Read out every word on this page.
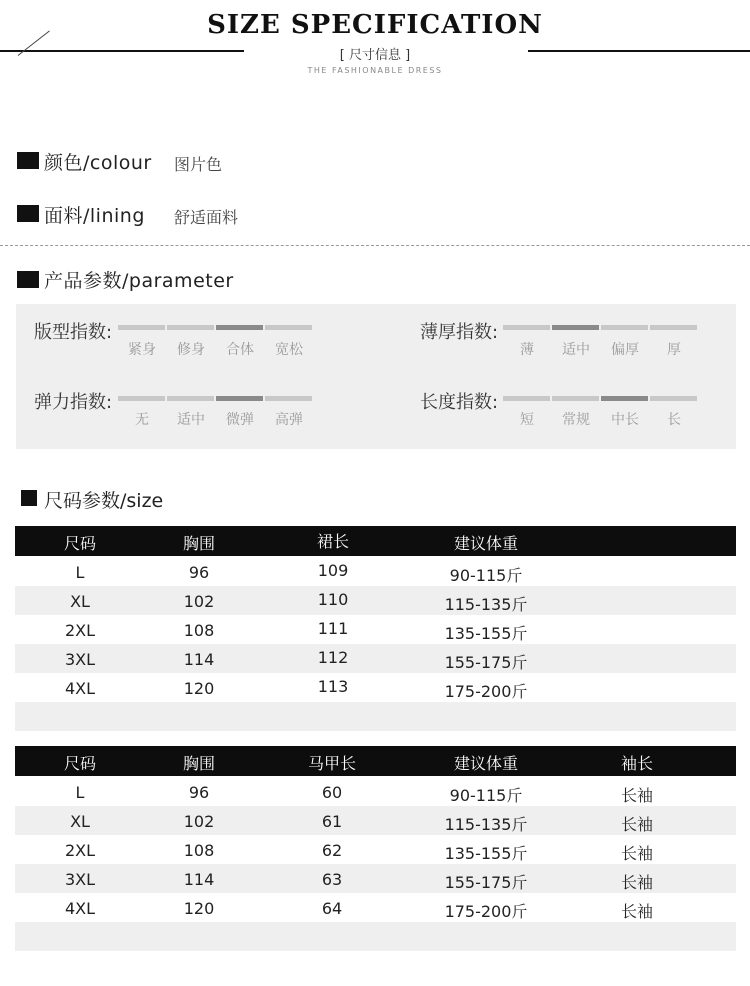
SIZE SPECIFICATION
[ 尺寸信息 ]
THE FASHIONABLE DRESS
颜色/colour 图片色
面料/lining 舒适面料
产品参数/parameter
版型指数:
紧身	修身	合体	宽松
薄厚指数:
薄	适中	偏厚	厚
弹力指数:
无	适中	微弹	高弹
长度指数:
短	常规	中长	长
尺码参数/size
尺码	胸围	裙长	建议体重
L	96	109	90-115斤
XL	102	110	115-135斤
2XL	108	111	135-155斤
3XL	114	112	155-175斤
4XL	120	113	175-200斤
尺码	胸围	马甲长	建议体重	袖长
L	96	60	90-115斤	长袖
XL	102	61	115-135斤	长袖
2XL	108	62	135-155斤	长袖
3XL	114	63	155-175斤	长袖
4XL	120	64	175-200斤	长袖
